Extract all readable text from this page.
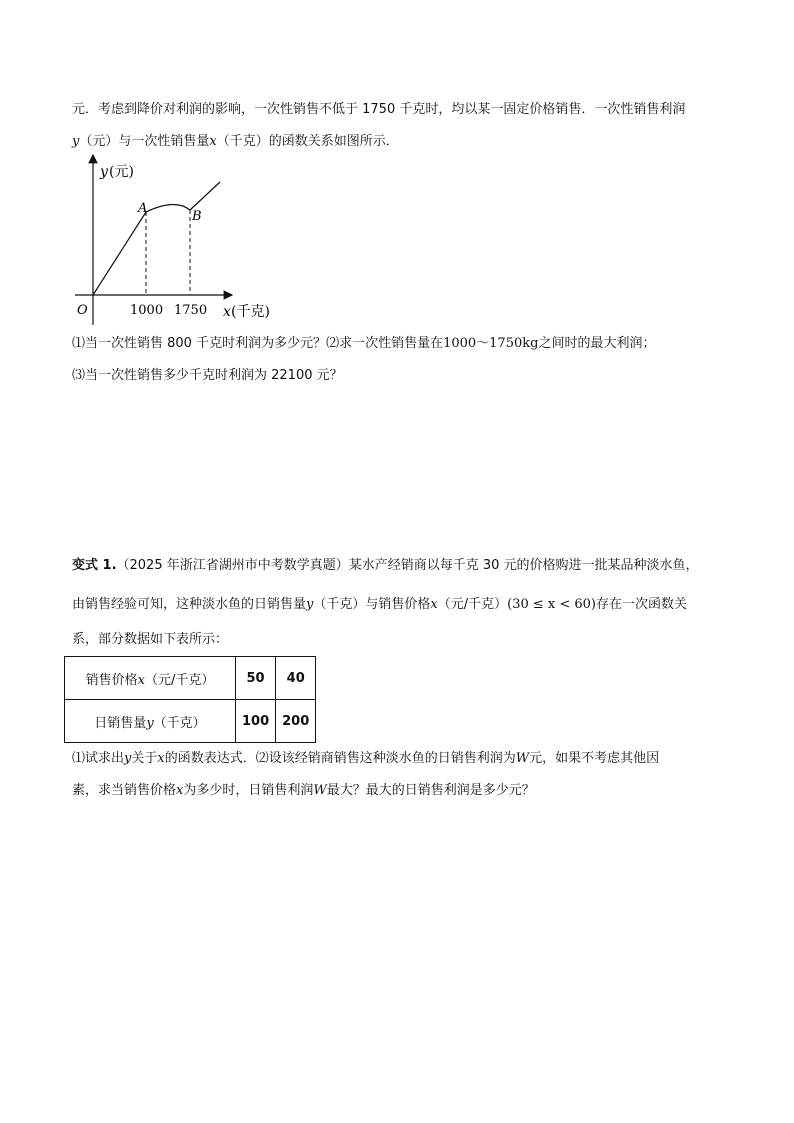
元．考虑到降价对利润的影响，一次性销售不低于 1750 千克时，均以某一固定价格销售．一次性销售利润
y（元）与一次性销售量x（千克）的函数关系如图所示．
y (元)
A
B
O	1000 1750 x (千克)
⑴当一次性销售 800 千克时利润为多少元？⑵求一次性销售量在1000～1750kg之间时的最大利润；
⑶当一次性销售多少千克时利润为 22100 元？
变式 1.（2025 年浙江省湖州市中考数学真题）某水产经销商以每千克 30 元的价格购进一批某品种淡水鱼，
由销售经验可知，这种淡水鱼的日销售量y（千克）与销售价格x（元/千克）(30 ≤ x < 60)存在一次函数关
系，部分数据如下表所示：
销售价格x（元/千克）	50	40
日销售量y（千克）	100	200
⑴试求出y关于x的函数表达式．⑵设该经销商销售这种淡水鱼的日销售利润为W元，如果不考虑其他因
素，求当销售价格x为多少时，日销售利润W最大？最大的日销售利润是多少元？
